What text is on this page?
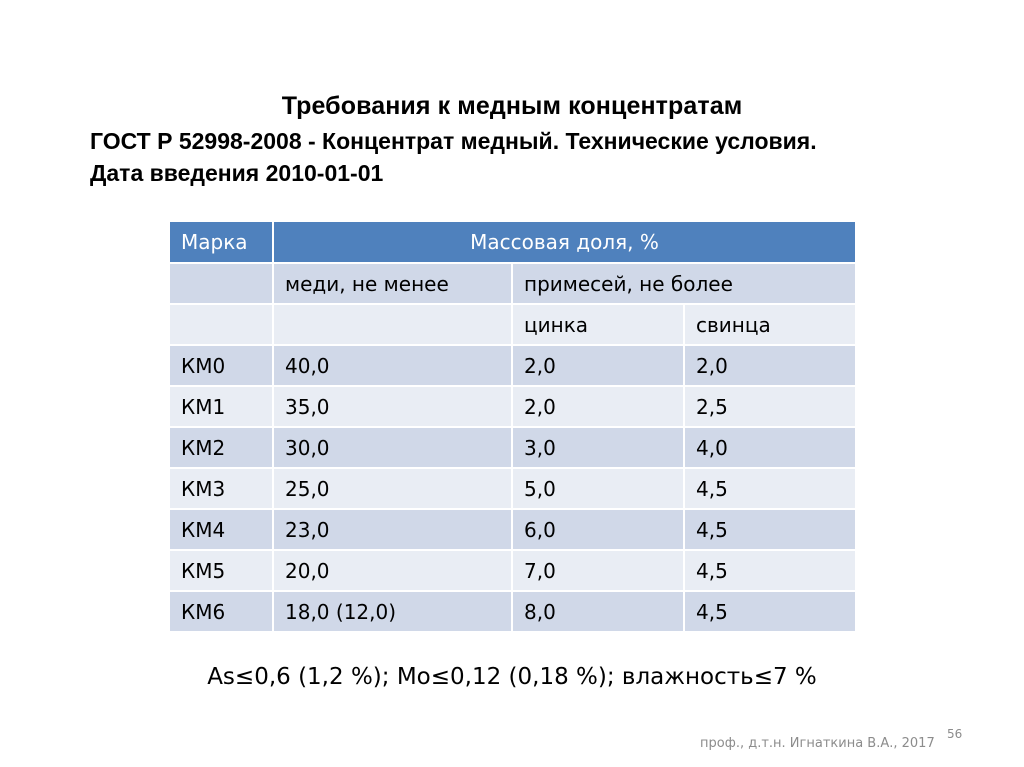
Требования к медным концентратам
ГОСТ Р 52998-2008 - Концентрат медный. Технические условия.
Дата введения 2010-01-01
Марка	Массовая доля, %		
	меди, не менее	примесей, не более	
		цинка	свинца
КМ0	40,0	2,0	2,0
КМ1	35,0	2,0	2,5
КМ2	30,0	3,0	4,0
КМ3	25,0	5,0	4,5
КМ4	23,0	6,0	4,5
КМ5	20,0	7,0	4,5
КМ6	18,0 (12,0)	8,0	4,5
As≤0,6 (1,2 %); Mo≤0,12 (0,18 %); влажность≤7 %
проф., д.т.н. Игнаткина В.А., 2017
56
